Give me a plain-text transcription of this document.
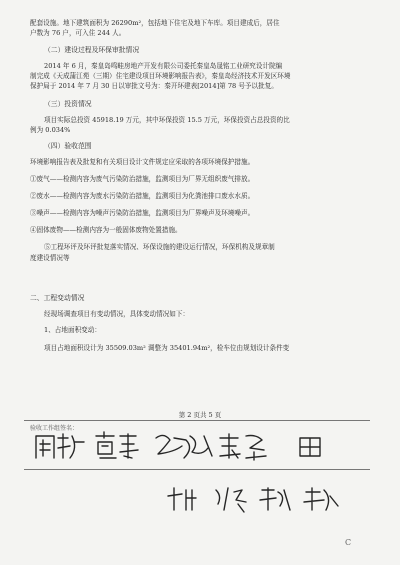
配套设施。地下建筑面积为 26290m²，包括地下住宅及地下车库。项目建成后，居住
户数为 76 户，可入住 244 人。
（二）建设过程及环保审批情况
2014 年 6 月，秦皇岛鸣畦房地产开发有限公司委托秦皇岛晟铭工业研究设计院编
制完成《天成蒲江苑（三期）住宅建设项目环境影响报告表》，秦皇岛经济技术开发区环境
保护局于 2014 年 7 月 30 日以审批文号为：秦开环建表[2014]第 78 号予以批复。
（三）投资情况
项目实际总投资 45918.19 万元，其中环保投资 15.5 万元，环保投资占总投资的比
例为 0.034%
（四）验收范围
环境影响报告表及批复和有关项目设计文件规定应采取的各项环境保护措施。
①废气——检测内容为废气污染防治措施，监测项目为厂界无组织废气排放。
②废水——检测内容为废水污染防治措施，监测项目为化粪池排口废水水质。
③噪声——检测内容为噪声污染防治措施，监测项目为厂界噪声及环境噪声。
④固体废物——检测内容为一般固体废物处置措施。
⑤工程环评及环评批复落实情况、环保设施的建设运行情况，环保机构及规章制
度建设情况等
二、工程变动情况
经现场调查项目有变动情况，具体变动情况如下：
1、占地面积变动：
项目占地面积设计为 35509.03m² 调整为 35401.94m²，检车位由规划设计条件变
第 2 页共 5 页
验收工作组签名：
C
